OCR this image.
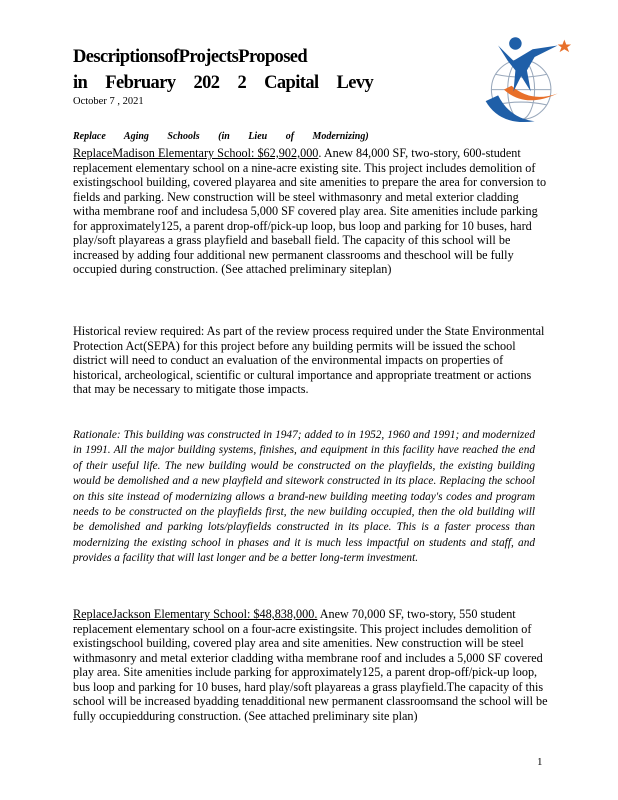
DescriptionsofProjectsProposed
in February 202 2 Capital Levy
October 7 , 2021
Replace Aging Schools (in Lieu of Modernizing)
ReplaceMadison Elementary School: $62,902,000. Anew 84,000 SF, two-story, 600-student replacement elementary school on a nine-acre existing site. This project includes demolition of existingschool building, covered playarea and site amenities to prepare the area for conversion to fields and parking. New construction will be steel withmasonry and metal exterior cladding witha membrane roof and includesa 5,000 SF covered play area. Site amenities include parking for approximately125, a parent drop-off/pick-up loop, bus loop and parking for 10 buses, hard play/soft playareas a grass playfield and baseball field. The capacity of this school will be increased by adding four additional new permanent classrooms and theschool will be fully occupied during construction. (See attached preliminary siteplan)
Historical review required: As part of the review process required under the State Environmental Protection Act(SEPA) for this project before any building permits will be issued the school district will need to conduct an evaluation of the environmental impacts on properties of historical, archeological, scientific or cultural importance and appropriate treatment or actions that may be necessary to mitigate those impacts.
Rationale: This building was constructed in 1947; added to in 1952, 1960 and 1991; and modernized in 1991. All the major building systems, finishes, and equipment in this facility have reached the end of their useful life. The new building would be constructed on the playfields, the existing building would be demolished and a new playfield and sitework constructed in its place. Replacing the school on this site instead of modernizing allows a brand-new building meeting today's codes and program needs to be constructed on the playfields first, the new building occupied, then the old building will be demolished and parking lots/playfields constructed in its place. This is a faster process than modernizing the existing school in phases and it is much less impactful on students and staff, and provides a facility that will last longer and be a better long-term investment.
ReplaceJackson Elementary School: $48,838,000. Anew 70,000 SF, two-story, 550 student replacement elementary school on a four-acre existingsite. This project includes demolition of existingschool building, covered play area and site amenities. New construction will be steel withmasonry and metal exterior cladding witha membrane roof and includes a 5,000 SF covered play area. Site amenities include parking for approximately125, a parent drop-off/pick-up loop, bus loop and parking for 10 buses, hard play/soft playareas a grass playfield.The capacity of this school will be increased byadding tenadditional new permanent classroomsand the school will be fully occupiedduring construction. (See attached preliminary site plan)
1
